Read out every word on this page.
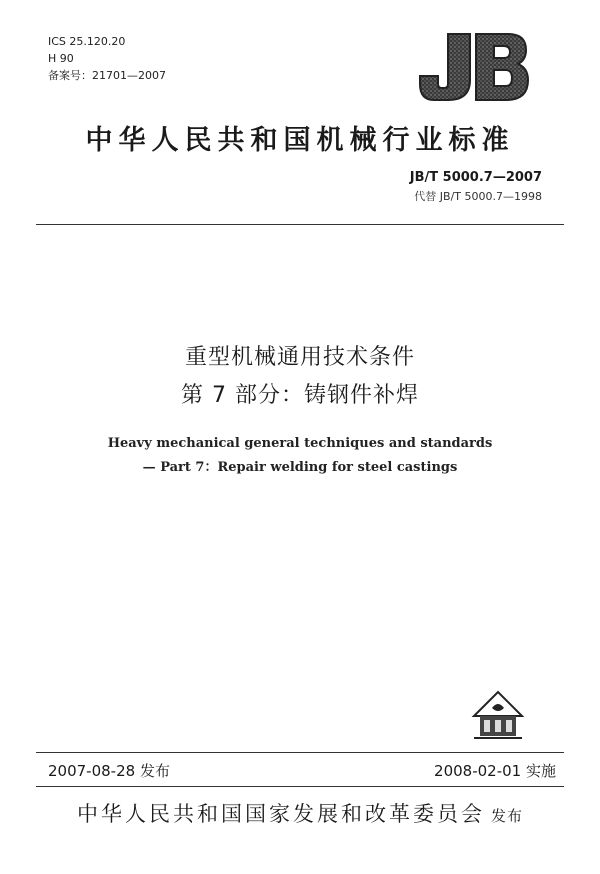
ICS 25.120.20
H 90
备案号：21701—2007
中华人民共和国机械行业标准
JB/T 5000.7—2007
代替 JB/T 5000.7—1998
重型机械通用技术条件
第 7 部分：铸钢件补焊
Heavy mechanical general techniques and standards
— Part 7：Repair welding for steel castings
2007-08-28 发布	2008-02-01 实施
中华人民共和国国家发展和改革委员会 发布
